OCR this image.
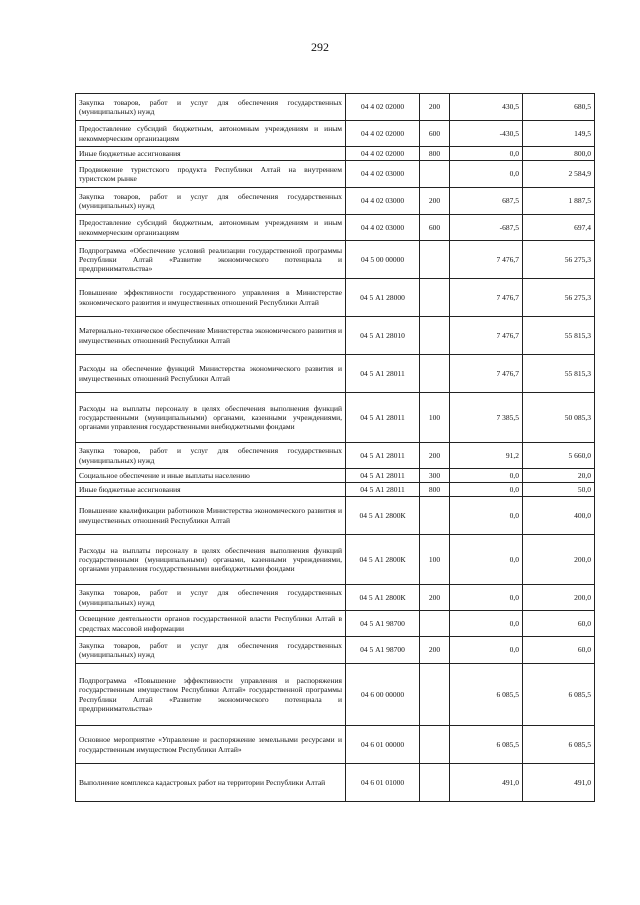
292
Закупка товаров, работ и услуг для обеспечения государственных (муниципальных) нужд	04 4 02 02000	200	430,5	680,5
Предоставление субсидий бюджетным, автономным учреждениям и иным некоммерческим организациям	04 4 02 02000	600	-430,5	149,5
Иные бюджетные ассигнования	04 4 02 02000	800	0,0	800,0
Продвижение туристского продукта Республики Алтай на внутреннем туристском рынке	04 4 02 03000		0,0	2 584,9
Закупка товаров, работ и услуг для обеспечения государственных (муниципальных) нужд	04 4 02 03000	200	687,5	1 887,5
Предоставление субсидий бюджетным, автономным учреждениям и иным некоммерческим организациям	04 4 02 03000	600	-687,5	697,4
Подпрограмма «Обеспечение условий реализации государственной программы Республики Алтай «Развитие экономического потенциала и предпринимательства»	04 5 00 00000		7 476,7	56 275,3
Повышение эффективности государственного управления в Министерстве экономического развития и имущественных отношений Республики Алтай	04 5 А1 28000		7 476,7	56 275,3
Материально-техническое обеспечение Министерства экономического развития и имущественных отношений Республики Алтай	04 5 А1 28010		7 476,7	55 815,3
Расходы на обеспечение функций Министерства экономического развития и имущественных отношений Республики Алтай	04 5 А1 28011		7 476,7	55 815,3
Расходы на выплаты персоналу в целях обеспечения выполнения функций государственными (муниципальными) органами, казенными учреждениями, органами управления государственными внебюджетными фондами	04 5 А1 28011	100	7 385,5	50 085,3
Закупка товаров, работ и услуг для обеспечения государственных (муниципальных) нужд	04 5 А1 28011	200	91,2	5 660,0
Социальное обеспечение и иные выплаты населению	04 5 А1 28011	300	0,0	20,0
Иные бюджетные ассигнования	04 5 А1 28011	800	0,0	50,0
Повышение квалификации работников Министерства экономического развития и имущественных отношений Республики Алтай	04 5 А1 2800К		0,0	400,0
Расходы на выплаты персоналу в целях обеспечения выполнения функций государственными (муниципальными) органами, казенными учреждениями, органами управления государственными внебюджетными фондами	04 5 А1 2800К	100	0,0	200,0
Закупка товаров, работ и услуг для обеспечения государственных (муниципальных) нужд	04 5 А1 2800К	200	0,0	200,0
Освещение деятельности органов государственной власти Республики Алтай в средствах массовой информации	04 5 А1 98700		0,0	60,0
Закупка товаров, работ и услуг для обеспечения государственных (муниципальных) нужд	04 5 А1 98700	200	0,0	60,0
Подпрограмма «Повышение эффективности управления и распоряжения государственным имуществом Республики Алтай» государственной программы Республики Алтай «Развитие экономического потенциала и предпринимательства»	04 6 00 00000		6 085,5	6 085,5
Основное мероприятие «Управление и распоряжение земельными ресурсами и государственным имуществом Республики Алтай»	04 6 01 00000		6 085,5	6 085,5
Выполнение комплекса кадастровых работ на территории Республики Алтай	04 6 01 01000		491,0	491,0
